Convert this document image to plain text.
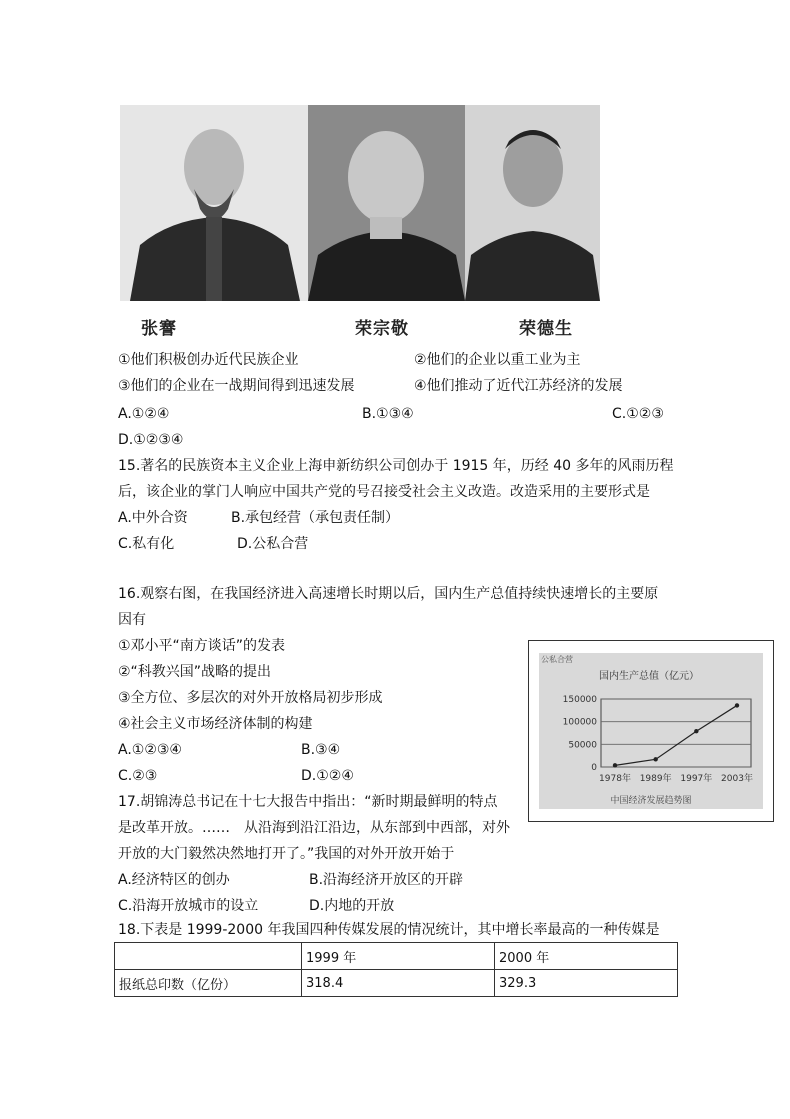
张謇	荣宗敬	荣德生
①他们积极创办近代民族企业	②他们的企业以重工业为主
③他们的企业在一战期间得到迅速发展	④他们推动了近代江苏经济的发展
A.①②④	B.①③④	C.①②③
D.①②③④
15.著名的民族资本主义企业上海申新纺织公司创办于 1915 年，历经 40 多年的风雨历程
后，该企业的掌门人响应中国共产党的号召接受社会主义改造。改造采用的主要形式是
A.中外合资	B.承包经营（承包责任制）
C.私有化	D.公私合营
16.观察右图，在我国经济进入高速增长时期以后，国内生产总值持续快速增长的主要原
因有
①邓小平“南方谈话”的发表
②“科教兴国”战略的提出
③全方位、多层次的对外开放格局初步形成
④社会主义市场经济体制的构建
A.①②③④	B.③④
C.②③	D.①②④
公私合营
国内生产总值（亿元）
0
50000
100000
150000
1978年 1989年 1997年 2003年
中国经济发展趋势图
17.胡锦涛总书记在十七大报告中指出：“新时期最鲜明的特点
是改革开放。……　从沿海到沿江沿边，从东部到中西部，对外
开放的大门毅然决然地打开了。”我国的对外开放开始于
A.经济特区的创办	B.沿海经济开放区的开辟
C.沿海开放城市的设立	D.内地的开放
18.下表是 1999-2000 年我国四种传媒发展的情况统计，其中增长率最高的一种传媒是
	1999 年	2000 年
报纸总印数（亿份）	318.4	329.3
